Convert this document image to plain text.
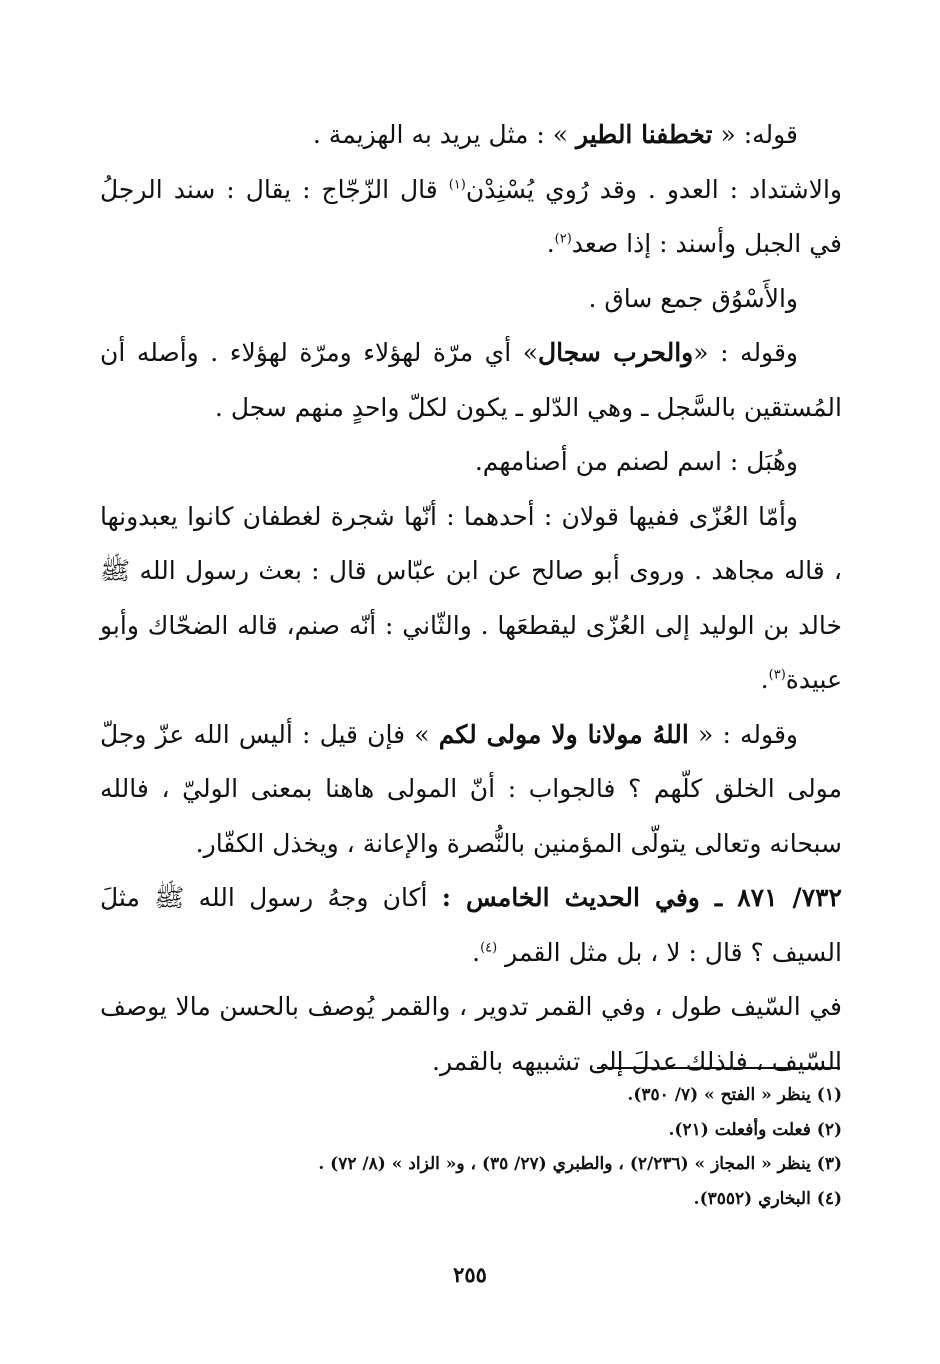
قوله: « تخطفنا الطير » : مثل يريد به الهزيمة .

والاشتداد : العدو . وقد رُوي يُسْنِدْن$^{(١)}$ قال الزّجّاج : يقال : سند الرجلُ في الجبل وأسند : إذا صعد$^{(٢)}$.

والأَسْوُق جمع ساق .

وقوله : «والحرب سجال» أي مرّة لهؤلاء ومرّة لهؤلاء . وأصله أن المُستقين بالسَّجل ـ وهي الدّلو ـ يكون لكلّ واحدٍ منهم سجل .

وهُبَل : اسم لصنم من أصنامهم.

وأمّا العُزّى ففيها قولان : أحدهما : أنّها شجرة لغطفان كانوا يعبدونها ، قاله مجاهد . وروى أبو صالح عن ابن عبّاس قال : بعث رسول الله ﷺ خالد بن الوليد إلى العُزّى ليقطعَها . والثّاني : أنّه صنم، قاله الضحّاك وأبو عبيدة$^{(٣)}$.

وقوله : « اللهُ مولانا ولا مولى لكم » فإن قيل : أليس الله عزّ وجلّ مولى الخلق كلّهم ؟ فالجواب : أنّ المولى هاهنا بمعنى الوليّ ، فالله سبحانه وتعالى يتولّى المؤمنين بالنُّصرة والإعانة ، ويخذل الكفّار.

٧٣٢/ ٨٧١ ـ وفي الحديث الخامس : أكان وجهُ رسول الله ﷺ مثلَ السيف ؟ قال : لا ، بل مثل القمر $^{(٤)}$.

في السّيف طول ، وفي القمر تدوير ، والقمر يُوصف بالحسن مالا يوصف السّيف ، فلذلك عدلَ إلى تشبيهه بالقمر.

(١) ينظر « الفتح » (٧/ ٣٥٠).

(٢) فعلت وأفعلت (٢١).

(٣) ينظر « المجاز » (٢/٢٣٦) ، والطبري (٢٧/ ٣٥) ، و« الزاد » (٨/ ٧٢) .

(٤) البخاري (٣٥٥٢).

٢٥٥
